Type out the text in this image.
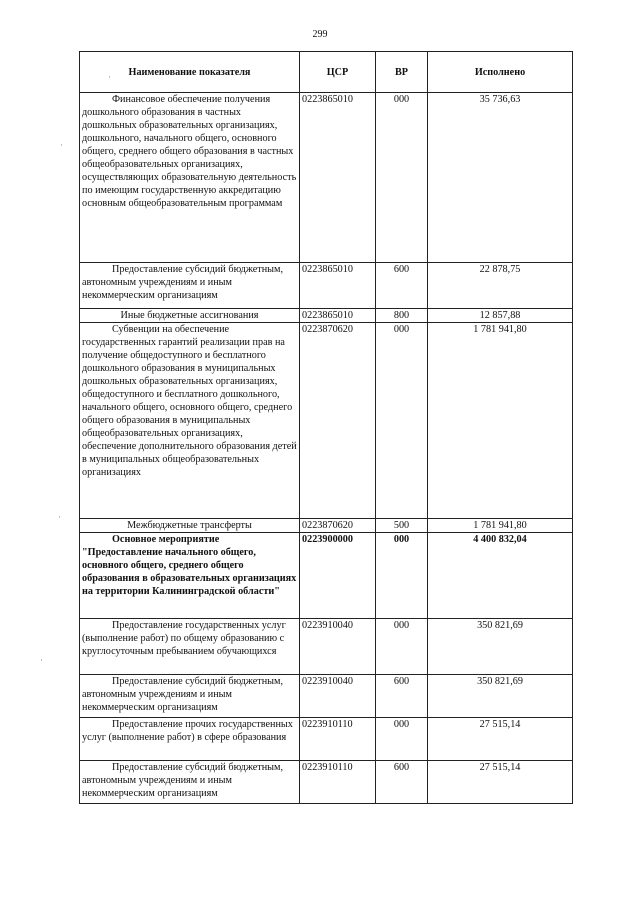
299
Наименование показателя	ЦСР	ВР	Исполнено
Финансовое обеспечение получения дошкольного образования в частных дошкольных образовательных организациях, дошкольного, начального общего, основного общего, среднего общего образования в частных общеобразовательных организациях, осуществляющих образовательную деятельность по имеющим государственную аккредитацию основным общеобразовательным программам	0223865010	000	35 736,63
Предоставление субсидий бюджетным, автономным учреждениям и иным некоммерческим организациям	0223865010	600	22 878,75
Иные бюджетные ассигнования	0223865010	800	12 857,88
Субвенции на обеспечение государственных гарантий реализации прав на получение общедоступного и бесплатного дошкольного образования в муниципальных дошкольных образовательных организациях, общедоступного и бесплатного дошкольного, начального общего, основного общего, среднего общего образования в муниципальных общеобразовательных организациях, обеспечение дополнительного образования детей в муниципальных общеобразовательных организациях	0223870620	000	1 781 941,80
Межбюджетные трансферты	0223870620	500	1 781 941,80
Основное мероприятие "Предоставление начального общего, основного общего, среднего общего образования в образовательных организациях на территории Калининградской области"	0223900000	000	4 400 832,04
Предоставление государственных услуг (выполнение работ) по общему образованию с круглосуточным пребыванием обучающихся	0223910040	000	350 821,69
Предоставление субсидий бюджетным, автономным учреждениям и иным некоммерческим организациям	0223910040	600	350 821,69
Предоставление прочих государственных услуг (выполнение работ) в сфере образования	0223910110	000	27 515,14
Предоставление субсидий бюджетным, автономным учреждениям и иным некоммерческим организациям	0223910110	600	27 515,14
·
·
·
·
